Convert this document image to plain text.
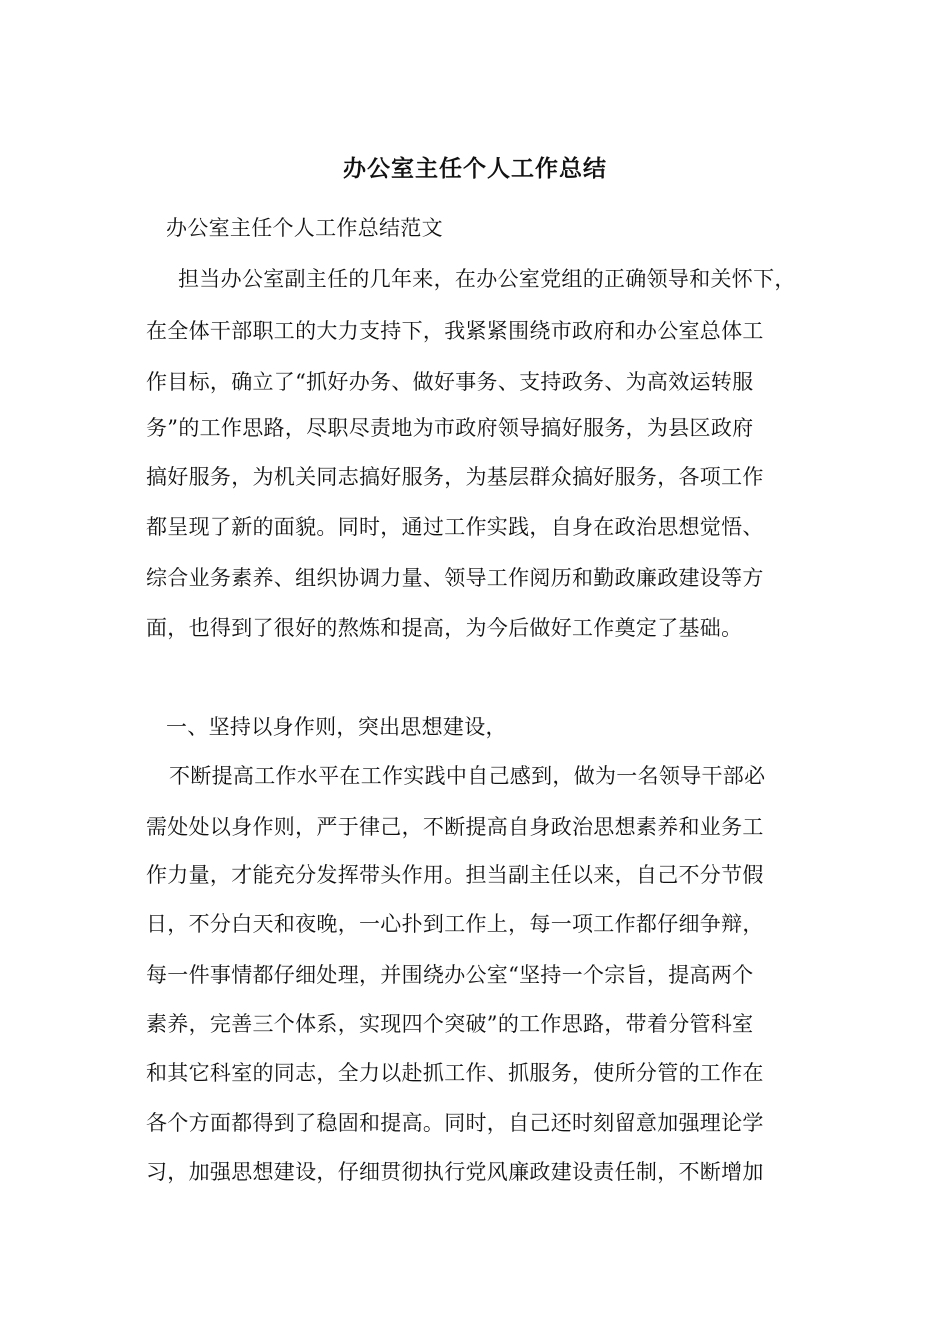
办公室主任个人工作总结
办公室主任个人工作总结范文
担当办公室副主任的几年来，在办公室党组的正确领导和关怀下，
在全体干部职工的大力支持下，我紧紧围绕市政府和办公室总体工
作目标，确立了“抓好办务、做好事务、支持政务、为高效运转服
务”的工作思路，尽职尽责地为市政府领导搞好服务，为县区政府
搞好服务，为机关同志搞好服务，为基层群众搞好服务，各项工作
都呈现了新的面貌。同时，通过工作实践，自身在政治思想觉悟、
综合业务素养、组织协调力量、领导工作阅历和勤政廉政建设等方
面，也得到了很好的熬炼和提高，为今后做好工作奠定了基础。
一、坚持以身作则，突出思想建设，
不断提高工作水平在工作实践中自己感到，做为一名领导干部必
需处处以身作则，严于律己，不断提高自身政治思想素养和业务工
作力量，才能充分发挥带头作用。担当副主任以来，自己不分节假
日，不分白天和夜晚，一心扑到工作上，每一项工作都仔细争辩，
每一件事情都仔细处理，并围绕办公室“坚持一个宗旨，提高两个
素养，完善三个体系，实现四个突破”的工作思路，带着分管科室
和其它科室的同志，全力以赴抓工作、抓服务，使所分管的工作在
各个方面都得到了稳固和提高。同时，自己还时刻留意加强理论学
习，加强思想建设，仔细贯彻执行党风廉政建设责任制，不断增加
